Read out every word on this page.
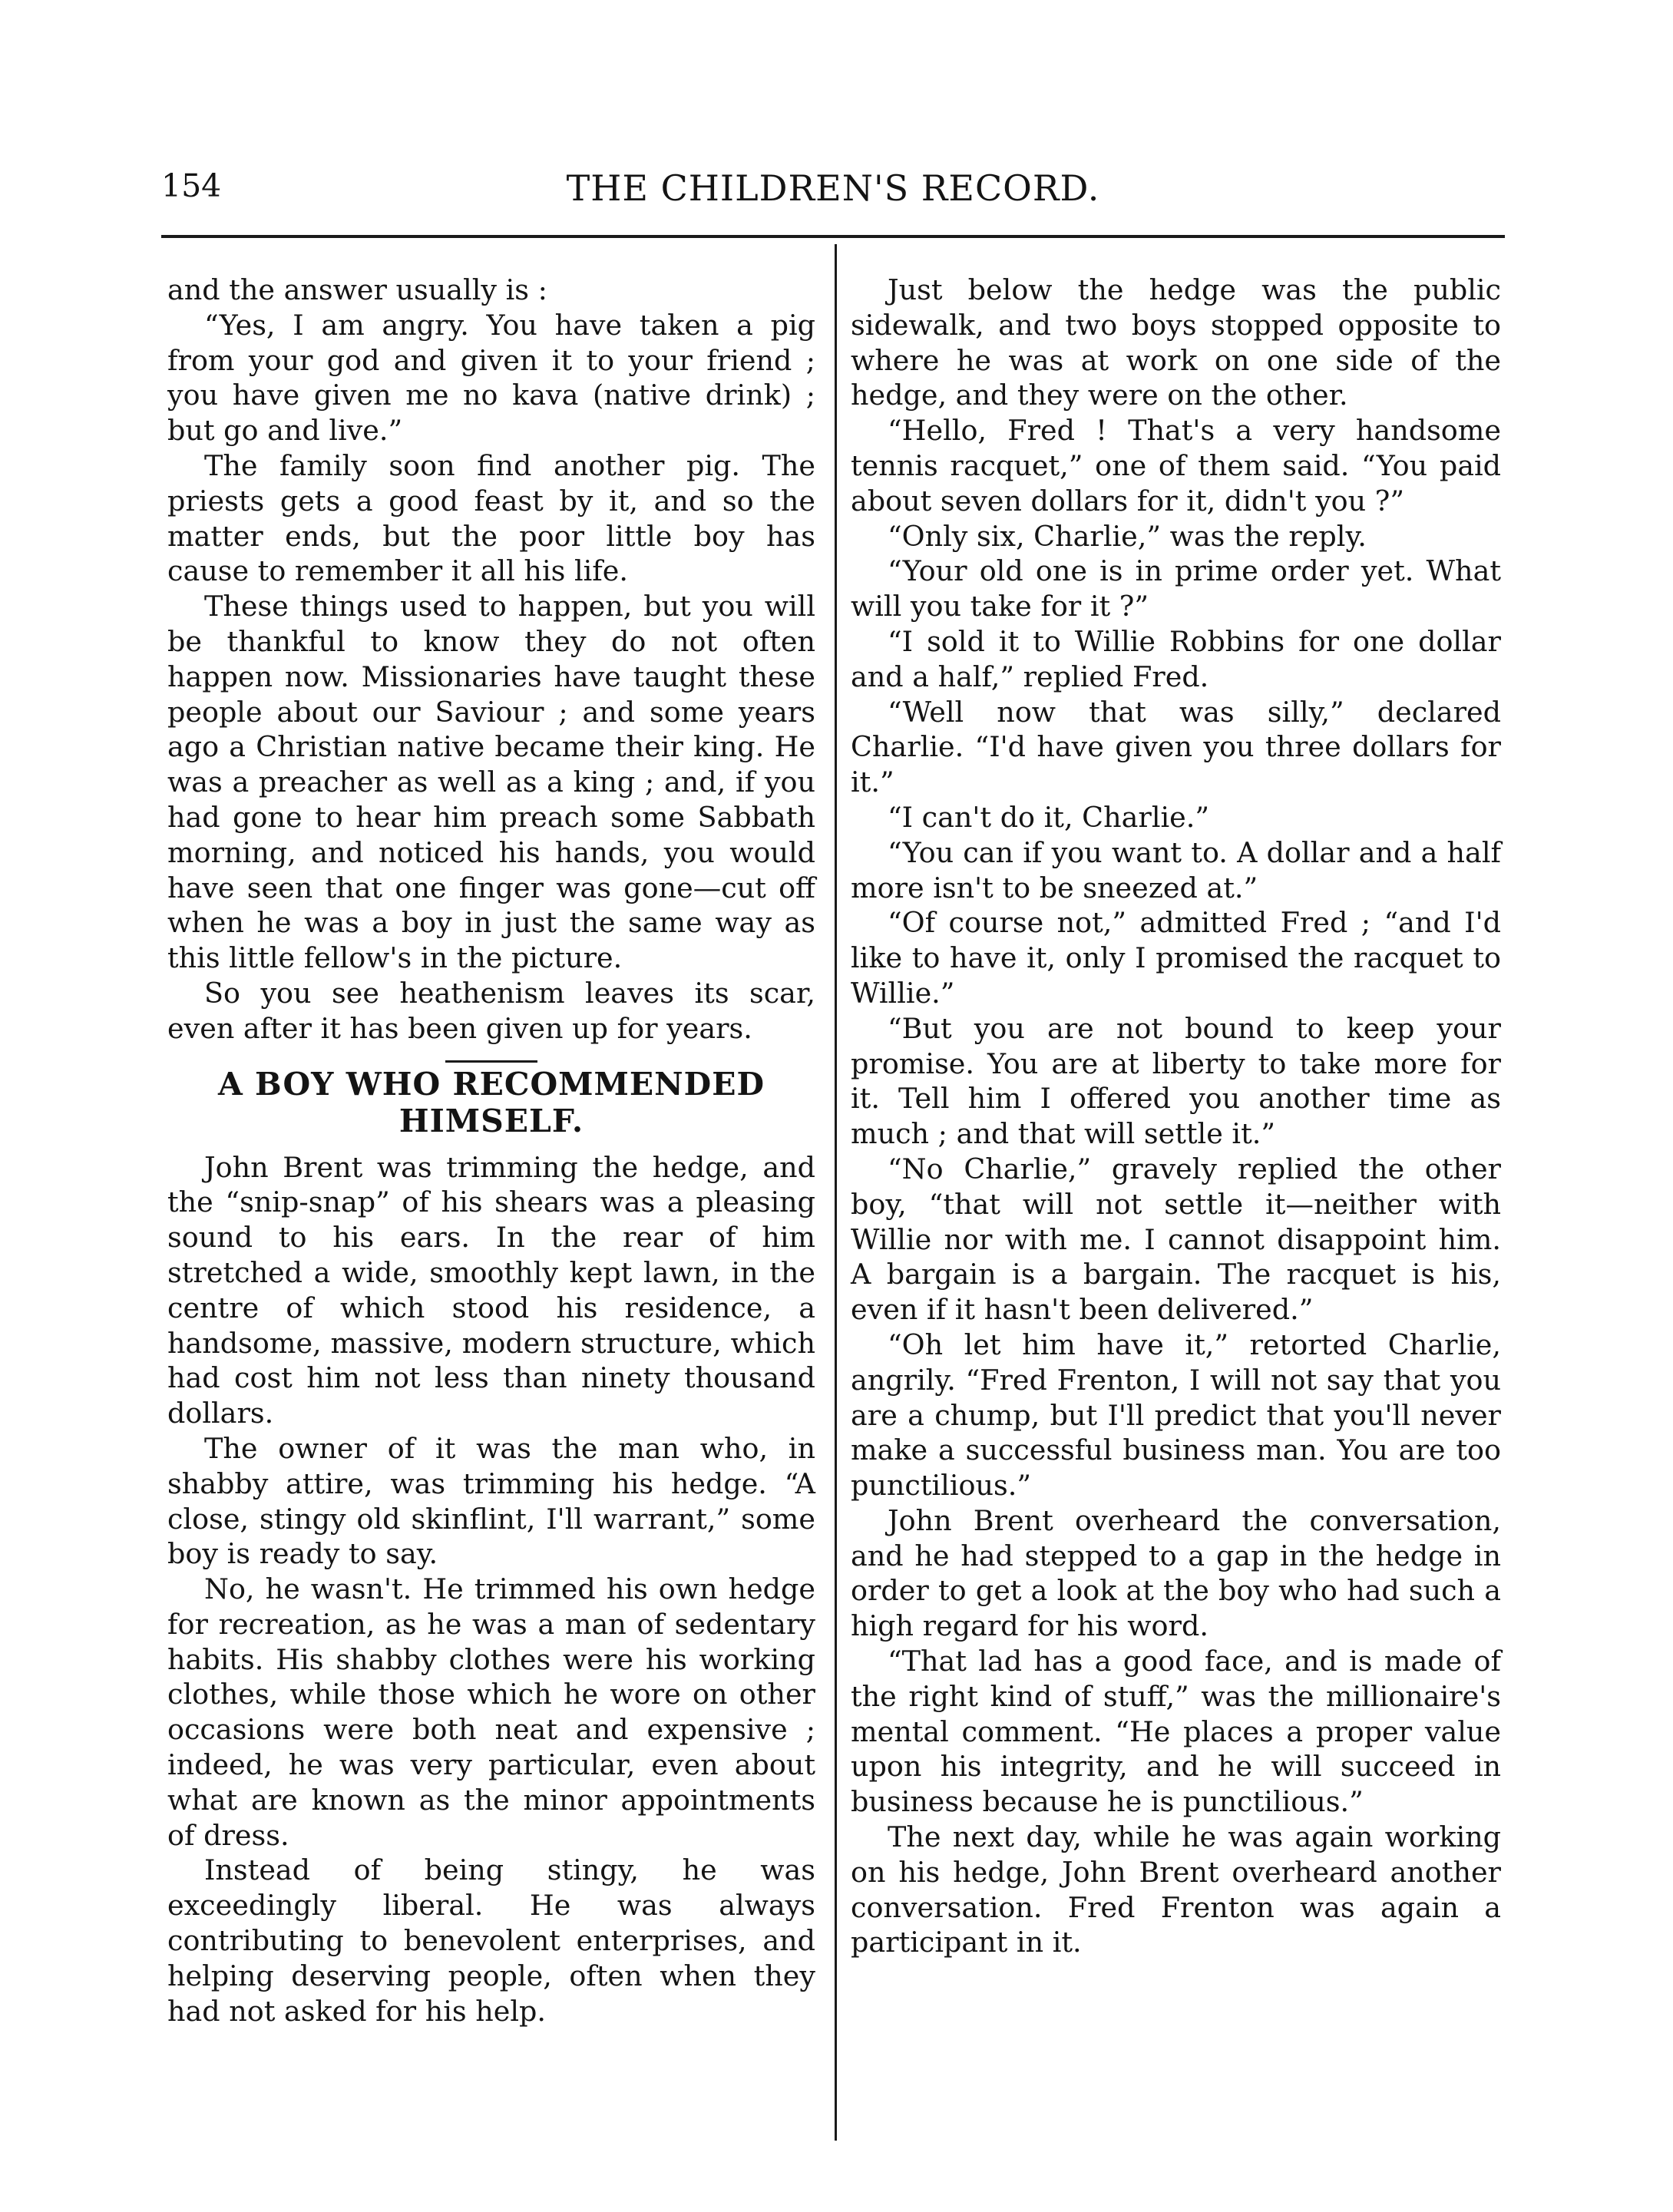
154	THE CHILDREN'S RECORD.

and the answer usually is :

“Yes, I am angry. You have taken a pig from your god and given it to your friend ; you have given me no kava (native drink) ; but go and live.”

The family soon find another pig. The priests gets a good feast by it, and so the matter ends, but the poor little boy has cause to remember it all his life.

These things used to happen, but you will be thankful to know they do not often happen now. Missionaries have taught these people about our Saviour ; and some years ago a Christian native became their king. He was a preacher as well as a king ; and, if you had gone to hear him preach some Sabbath morning, and noticed his hands, you would have seen that one finger was gone—cut off when he was a boy in just the same way as this little fellow's in the picture.

So you see heathenism leaves its scar, even after it has been given up for years.

A BOY WHO RECOMMENDED HIMSELF.

John Brent was trimming the hedge, and the “snip-snap” of his shears was a pleasing sound to his ears. In the rear of him stretched a wide, smoothly kept lawn, in the centre of which stood his residence, a handsome, massive, modern structure, which had cost him not less than ninety thousand dollars.

The owner of it was the man who, in shabby attire, was trimming his hedge. “A close, stingy old skinflint, I'll warrant,” some boy is ready to say.

No, he wasn't. He trimmed his own hedge for recreation, as he was a man of sedentary habits. His shabby clothes were his working clothes, while those which he wore on other occasions were both neat and expensive ; indeed, he was very particular, even about what are known as the minor appointments of dress.

Instead of being stingy, he was exceedingly liberal. He was always contributing to benevolent enterprises, and helping deserving people, often when they had not asked for his help.

Just below the hedge was the public sidewalk, and two boys stopped opposite to where he was at work on one side of the hedge, and they were on the other.

“Hello, Fred ! That's a very handsome tennis racquet,” one of them said. “You paid about seven dollars for it, didn't you ?”

“Only six, Charlie,” was the reply.

“Your old one is in prime order yet. What will you take for it ?”

“I sold it to Willie Robbins for one dollar and a half,” replied Fred.

“Well now that was silly,” declared Charlie. “I'd have given you three dollars for it.”

“I can't do it, Charlie.”

“You can if you want to. A dollar and a half more isn't to be sneezed at.”

“Of course not,” admitted Fred ; “and I'd like to have it, only I promised the racquet to Willie.”

“But you are not bound to keep your promise. You are at liberty to take more for it. Tell him I offered you another time as much ; and that will settle it.”

“No Charlie,” gravely replied the other boy, “that will not settle it—neither with Willie nor with me. I cannot disappoint him. A bargain is a bargain. The racquet is his, even if it hasn't been delivered.”

“Oh let him have it,” retorted Charlie, angrily. “Fred Frenton, I will not say that you are a chump, but I'll predict that you'll never make a successful business man. You are too punctilious.”

John Brent overheard the conversation, and he had stepped to a gap in the hedge in order to get a look at the boy who had such a high regard for his word.

“That lad has a good face, and is made of the right kind of stuff,” was the millionaire's mental comment. “He places a proper value upon his integrity, and he will succeed in business because he is punctilious.”

The next day, while he was again working on his hedge, John Brent overheard another conversation. Fred Frenton was again a participant in it.
